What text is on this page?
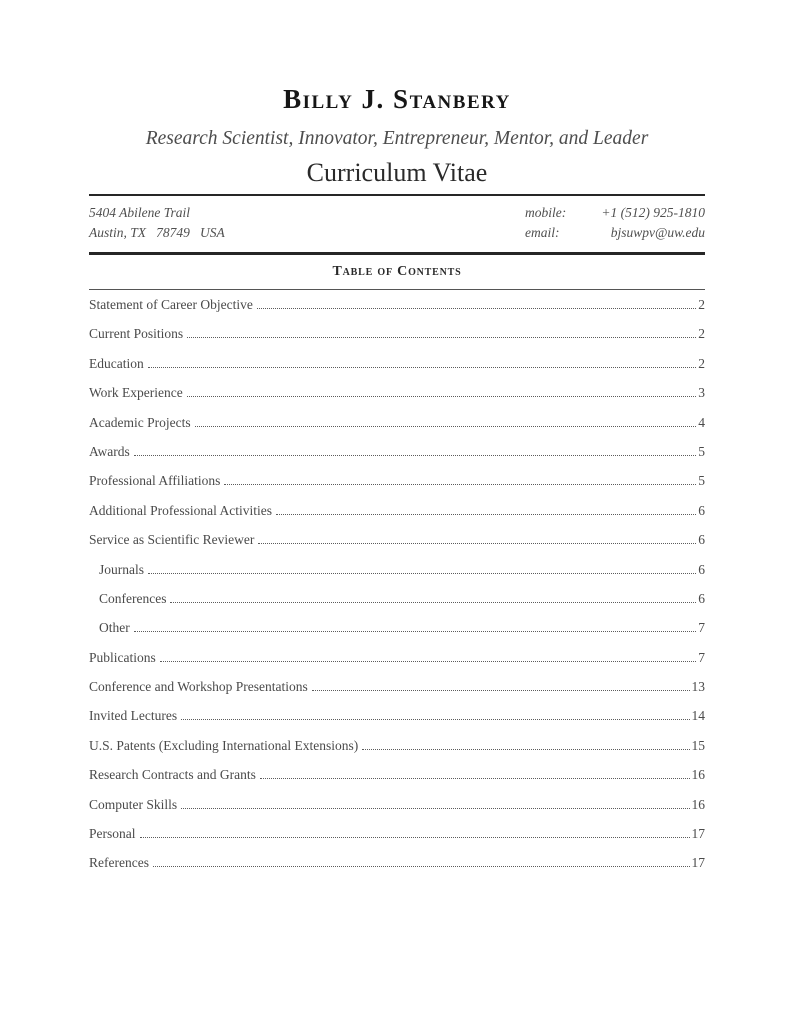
Billy J. Stanbery
Research Scientist, Innovator, Entrepreneur, Mentor, and Leader
Curriculum Vitae
5404 Abilene Trail
Austin, TX   78749   USA
mobile:	+1 (512) 925-1810
email:	bjsuwpv@uw.edu
Table of Contents
Statement of Career Objective	2
Current Positions	2
Education	2
Work Experience	3
Academic Projects	4
Awards	5
Professional Affiliations	5
Additional Professional Activities	6
Service as Scientific Reviewer	6
Journals	6
Conferences	6
Other	7
Publications	7
Conference and Workshop Presentations	13
Invited Lectures	14
U.S. Patents (Excluding International Extensions)	15
Research Contracts and Grants	16
Computer Skills	16
Personal	17
References	17
